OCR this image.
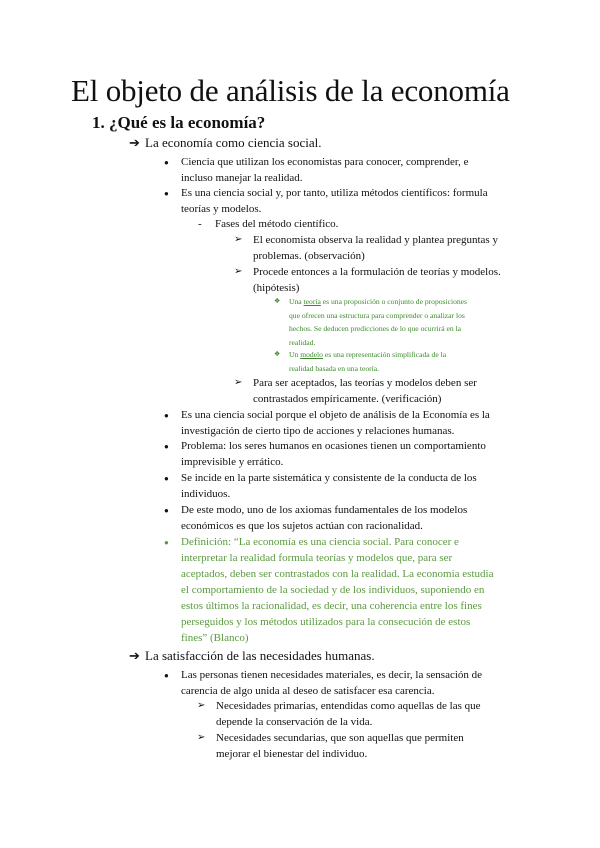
El objeto de análisis de la economía
1. ¿Qué es la economía?
➔ La economía como ciencia social.
● Ciencia que utilizan los economistas para conocer, comprender, e
incluso manejar la realidad.
● Es una ciencia social y, por tanto, utiliza métodos científicos: formula
teorías y modelos.
- Fases del método científico.
➢ El economista observa la realidad y plantea preguntas y
problemas. (observación)
➢ Procede entonces a la formulación de teorías y modelos.
(hipótesis)
❖ Una teoría es una proposición o conjunto de proposiciones
que ofrecen una estructura para comprender o analizar los
hechos. Se deducen predicciones de lo que ocurrirá en la
realidad.
❖ Un modelo es una representación simplificada de la
realidad basada en una teoría.
➢ Para ser aceptados, las teorías y modelos deben ser
contrastados empíricamente. (verificación)
● Es una ciencia social porque el objeto de análisis de la Economía es la
investigación de cierto tipo de acciones y relaciones humanas.
● Problema: los seres humanos en ocasiones tienen un comportamiento
imprevisible y errático.
● Se incide en la parte sistemática y consistente de la conducta de los
individuos.
● De este modo, uno de los axiomas fundamentales de los modelos
económicos es que los sujetos actúan con racionalidad.
● Definición: “La economía es una ciencia social. Para conocer e
interpretar la realidad formula teorías y modelos que, para ser
aceptados, deben ser contrastados con la realidad. La economía estudia
el comportamiento de la sociedad y de los individuos, suponiendo en
estos últimos la racionalidad, es decir, una coherencia entre los fines
perseguidos y los métodos utilizados para la consecución de estos
fines” (Blanco)
➔ La satisfacción de las necesidades humanas.
● Las personas tienen necesidades materiales, es decir, la sensación de
carencia de algo unida al deseo de satisfacer esa carencia.
➢ Necesidades primarias, entendidas como aquellas de las que
depende la conservación de la vida.
➢ Necesidades secundarias, que son aquellas que permiten
mejorar el bienestar del individuo.
